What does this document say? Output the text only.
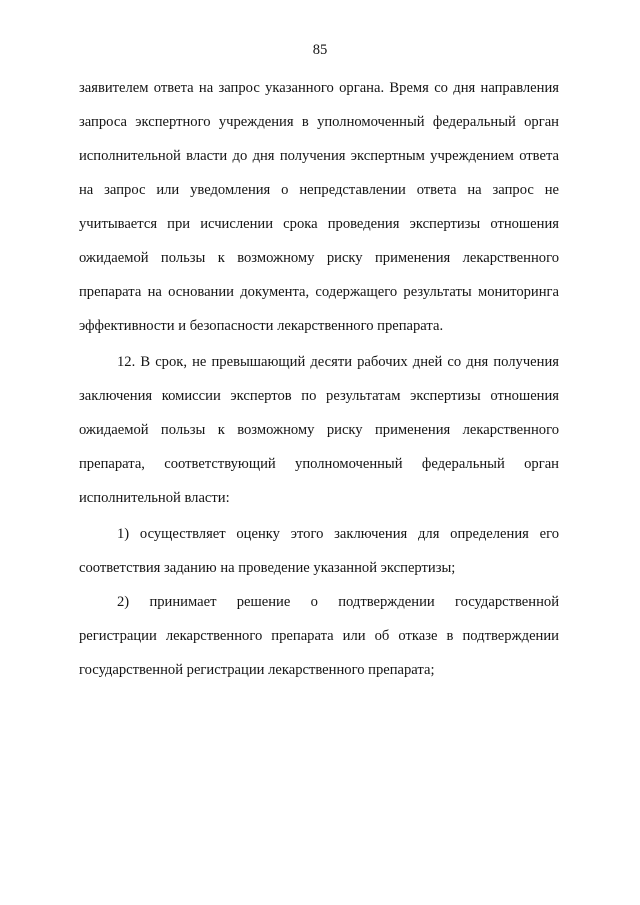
85
заявителем ответа на запрос указанного органа. Время со дня направления
запроса экспертного учреждения в уполномоченный федеральный орган
исполнительной власти до дня получения экспертным учреждением ответа
на запрос или уведомления о непредставлении ответа на запрос не
учитывается при исчислении срока проведения экспертизы отношения
ожидаемой пользы к возможному риску применения лекарственного
препарата на основании документа, содержащего результаты мониторинга
эффективности и безопасности лекарственного препарата.
12. В срок, не превышающий десяти рабочих дней со дня получения
заключения комиссии экспертов по результатам экспертизы отношения
ожидаемой пользы к возможному риску применения лекарственного
препарата, соответствующий уполномоченный федеральный орган
исполнительной власти:
1) осуществляет оценку этого заключения для определения его
соответствия заданию на проведение указанной экспертизы;
2) принимает решение о подтверждении государственной
регистрации лекарственного препарата или об отказе в подтверждении
государственной регистрации лекарственного препарата;
